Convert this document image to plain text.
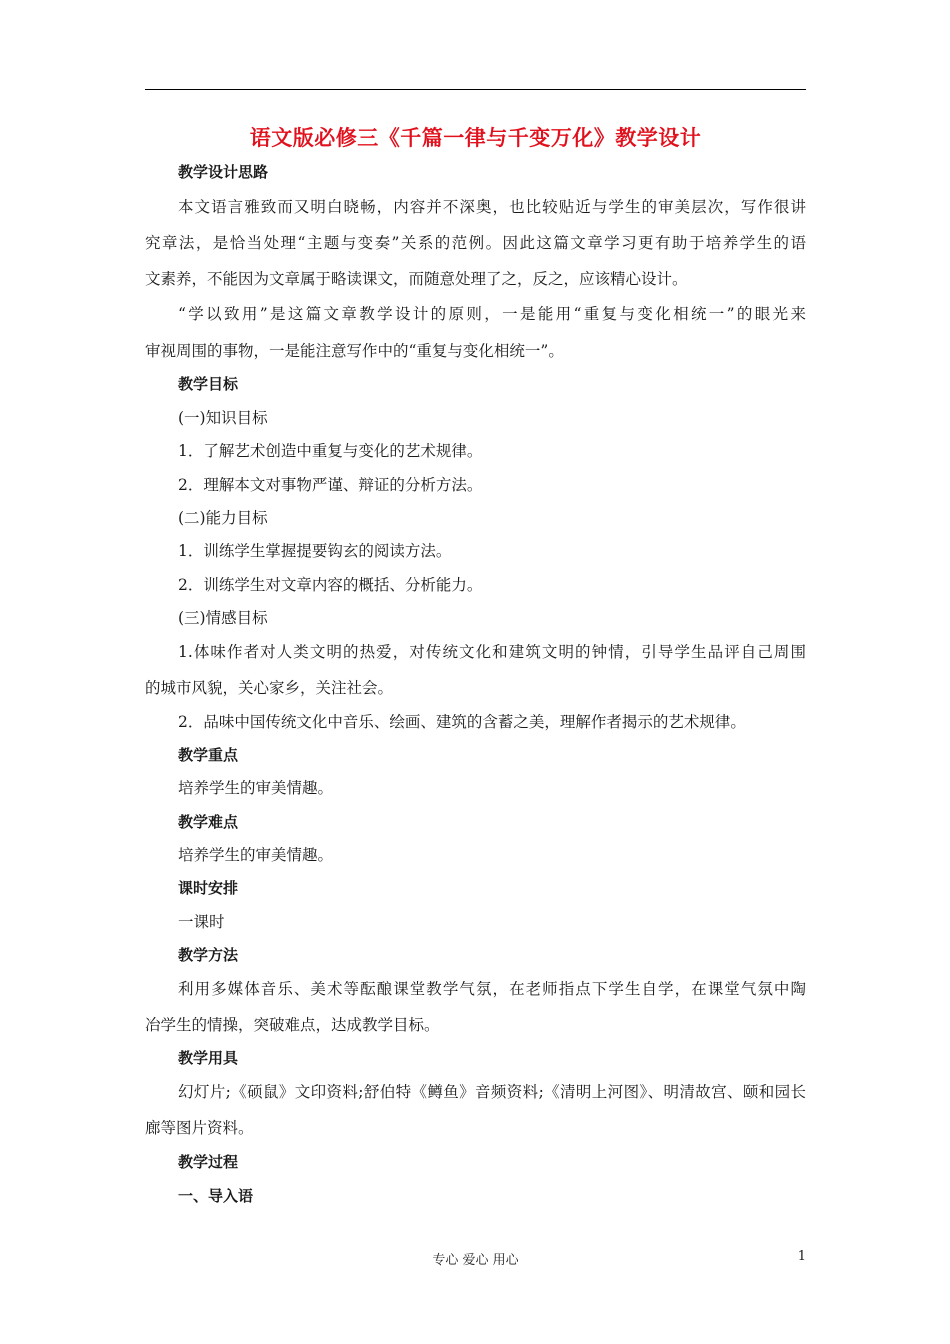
语文版必修三《千篇一律与千变万化》教学设计
教学设计思路
本文语言雅致而又明白晓畅，内容并不深奥，也比较贴近与学生的审美层次，写作很讲
究章法，是恰当处理“主题与变奏”关系的范例。因此这篇文章学习更有助于培养学生的语
文素养，不能因为文章属于略读课文，而随意处理了之，反之，应该精心设计。
“学以致用”是这篇文章教学设计的原则，一是能用“重复与变化相统一”的眼光来
审视周围的事物，一是能注意写作中的“重复与变化相统一”。
教学目标
(一)知识目标
1．了解艺术创造中重复与变化的艺术规律。
2．理解本文对事物严谨、辩证的分析方法。
(二)能力目标
1．训练学生掌握提要钩玄的阅读方法。
2．训练学生对文章内容的概括、分析能力。
(三)情感目标
1.体味作者对人类文明的热爱，对传统文化和建筑文明的钟情，引导学生品评自己周围
的城市风貌，关心家乡，关注社会。
2．品味中国传统文化中音乐、绘画、建筑的含蓄之美，理解作者揭示的艺术规律。
教学重点
培养学生的审美情趣。
教学难点
培养学生的审美情趣。
课时安排
一课时
教学方法
利用多媒体音乐、美术等酝酿课堂教学气氛，在老师指点下学生自学，在课堂气氛中陶
冶学生的情操，突破难点，达成教学目标。
教学用具
幻灯片;《硕鼠》文印资料;舒伯特《鳟鱼》音频资料;《清明上河图》、明清故宫、颐和园长
廊等图片资料。
教学过程
一、导入语
专心 爱心 用心	1
